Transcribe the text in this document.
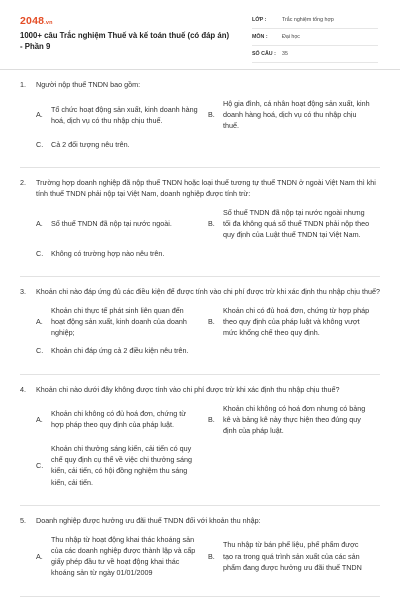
2048.vn
1000+ câu Trắc nghiệm Thuế và kế toán thuế (có đáp án) - Phần 9
LỚP :	Trắc nghiệm tổng hợp
MÔN :	Đại học
SỐ CÂU :	35
1.	Người nộp thuế TNDN bao gồm:
A.
Tổ chức hoạt động sản xuất, kinh doanh hàng hoá, dịch vụ có thu nhập chịu thuế.
B.
Hộ gia đình, cá nhân hoạt động sản xuất, kinh doanh hàng hoá, dịch vụ có thu nhập chịu thuế.
C.	Cả 2 đối tượng nêu trên.
2.	Trường hợp doanh nghiệp đã nộp thuế TNDN hoặc loại thuế tương tự thuế TNDN ở ngoài Việt Nam thì khi tính thuế TNDN phải nộp tại Việt Nam, doanh nghiệp được tính trừ:
A.	Số thuế TNDN đã nộp tại nước ngoài.	B.
Số thuế TNDN đã nộp tại nước ngoài nhưng tối đa không quá số thuế TNDN phải nộp theo quy định của Luật thuế TNDN tại Việt Nam.
C.	Không có trường hợp nào nêu trên.
3.	Khoản chi nào đáp ứng đủ các điều kiện để được tính vào chi phí được trừ khi xác định thu nhập chịu thuế?
A.
Khoản chi thực tế phát sinh liên quan đến hoạt động sản xuất, kinh doanh của doanh nghiệp;
B.
Khoản chi có đủ hoá đơn, chứng từ hợp pháp theo quy định của pháp luật và không vượt mức khống chế theo quy định.
C.	Khoản chi đáp ứng cả 2 điều kiện nêu trên.
4.	Khoản chi nào dưới đây không được tính vào chi phí được trừ khi xác định thu nhập chịu thuế?
A.
Khoản chi không có đủ hoá đơn, chứng từ hợp pháp theo quy định của pháp luật.
B.
Khoản chi không có hoá đơn nhưng có bảng kê và bảng kê này thực hiện theo đúng quy định của pháp luật.
C.
Khoản chi thưởng sáng kiến, cải tiến có quy chế quy định cụ thể về việc chi thưởng sáng kiến, cải tiến, có hội đồng nghiệm thu sáng kiến, cải tiến.
5.	Doanh nghiệp được hưởng ưu đãi thuế TNDN đối với khoản thu nhập:
A.
Thu nhập từ hoạt động khai thác khoáng sản của các doanh nghiệp được thành lập và cấp giấy phép đầu tư về hoạt động khai thác khoáng sản từ ngày 01/01/2009
B.
Thu nhập từ bán phế liệu, phế phẩm được tạo ra trong quá trình sản xuất của các sản phẩm đang được hưởng ưu đãi thuế TNDN
